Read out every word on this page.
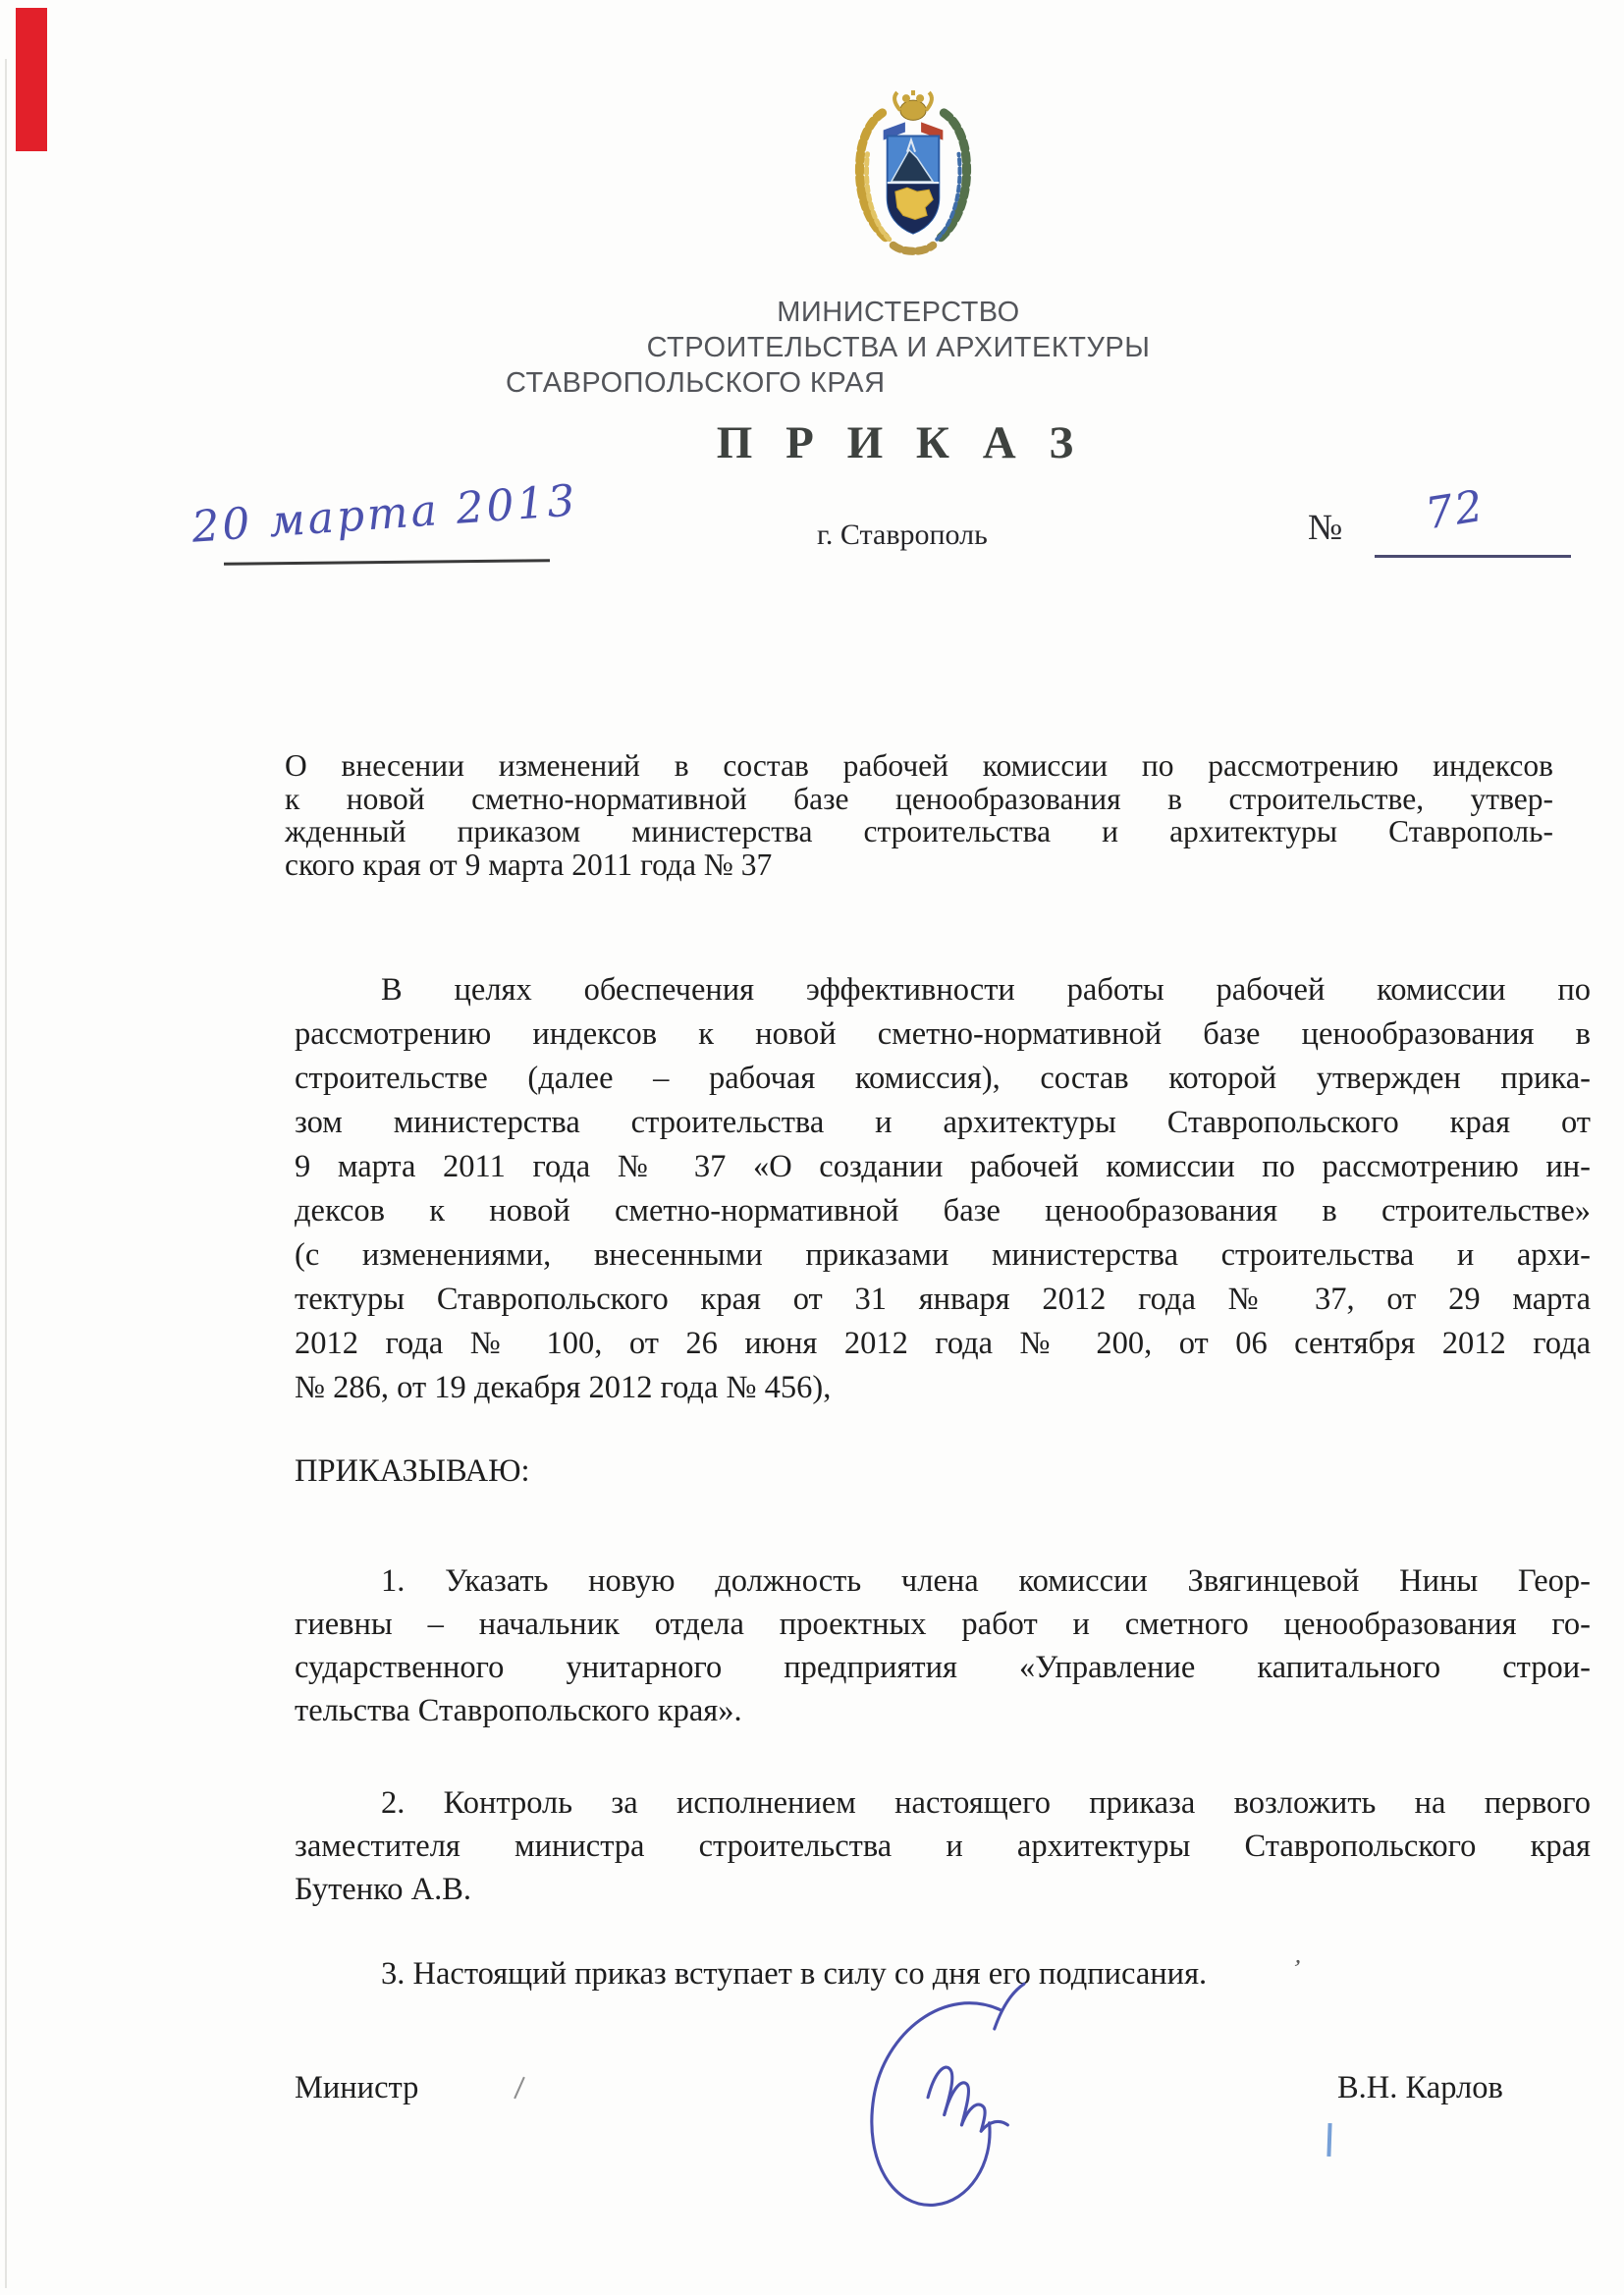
МИНИСТЕРСТВО
СТРОИТЕЛЬСТВА И АРХИТЕКТУРЫ
СТАВРОПОЛЬСКОГО КРАЯ
П Р И К А З
20 марта 2013	г. Ставрополь	№ 72
О внесении изменений в состав рабочей комиссии по рассмотрению индексов
к новой сметно-нормативной базе ценообразования в строительстве, утвер-
жденный приказом министерства строительства и архитектуры Ставрополь-
ского края от 9 марта 2011 года № 37
В целях обеспечения эффективности работы рабочей комиссии по
рассмотрению индексов к новой сметно-нормативной базе ценообразования в
строительстве (далее – рабочая комиссия), состав которой утвержден прика-
зом министерства строительства и архитектуры Ставропольского края от
9 марта 2011 года № 37 «О создании рабочей комиссии по рассмотрению ин-
дексов к новой сметно-нормативной базе ценообразования в строительстве»
(с изменениями, внесенными приказами министерства строительства и архи-
тектуры Ставропольского края от 31 января 2012 года № 37, от 29 марта
2012 года № 100, от 26 июня 2012 года № 200, от 06 сентября 2012 года
№ 286, от 19 декабря 2012 года № 456),
ПРИКАЗЫВАЮ:
1. Указать новую должность члена комиссии Звягинцевой Нины Геор-
гиевны – начальник отдела проектных работ и сметного ценообразования го-
сударственного унитарного предприятия «Управление капитального строи-
тельства Ставропольского края».
2. Контроль за исполнением настоящего приказа возложить на первого
заместителя министра строительства и архитектуры Ставропольского края
Бутенко А.В.
3. Настоящий приказ вступает в силу со дня его подписания.	’
Министр	В.Н. Карлов
